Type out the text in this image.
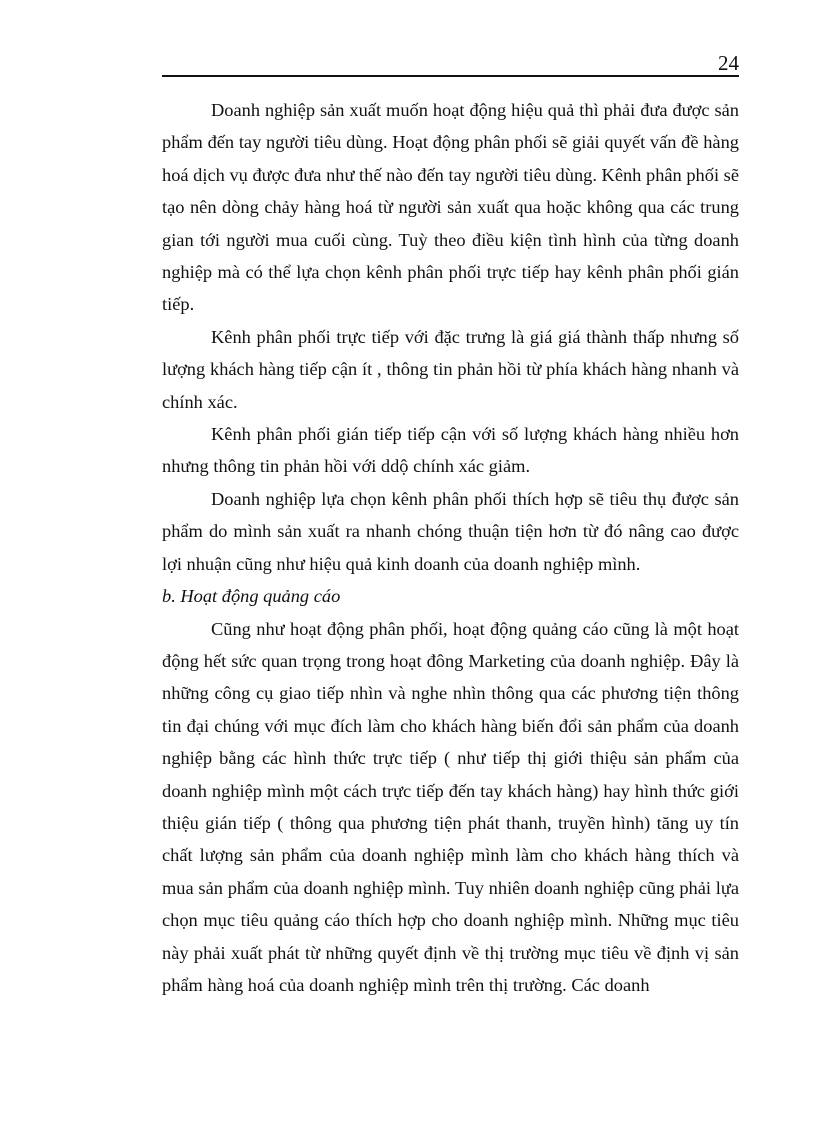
24

Doanh nghiệp sản xuất muốn hoạt động hiệu quả thì phải đưa được sản phẩm đến tay người tiêu dùng. Hoạt động phân phối sẽ giải quyết vấn đề hàng hoá dịch vụ được đưa như thế nào đến tay người tiêu dùng. Kênh phân phối sẽ tạo nên dòng chảy hàng hoá từ người sản xuất qua hoặc không qua các trung gian tới người mua cuối cùng. Tuỳ theo điều kiện tình hình của từng doanh nghiệp mà có thể lựa chọn kênh phân phối trực tiếp hay kênh phân phối gián tiếp.

Kênh phân phối trực tiếp với đặc trưng là giá giá thành thấp nhưng số lượng khách hàng tiếp cận ít , thông tin phản hồi từ phía khách hàng nhanh và chính xác.

Kênh phân phối gián tiếp tiếp cận với số lượng khách hàng nhiều hơn nhưng thông tin phản hồi với ddộ chính xác giảm.

Doanh nghiệp lựa chọn kênh phân phối thích hợp sẽ tiêu thụ được sản phẩm do mình sản xuất ra nhanh chóng thuận tiện hơn từ đó nâng cao được lợi nhuận cũng như hiệu quả kinh doanh của doanh nghiệp mình.

b. Hoạt động quảng cáo

Cũng như hoạt động phân phối, hoạt động quảng cáo cũng là một hoạt động hết sức quan trọng trong hoạt đông Marketing của doanh nghiệp. Đây là những công cụ giao tiếp nhìn và nghe nhìn thông qua các phương tiện thông tin đại chúng với mục đích làm cho khách hàng biến đổi sản phẩm của doanh nghiệp bằng các hình thức trực tiếp ( như tiếp thị giới thiệu sản phẩm của doanh nghiệp mình một cách trực tiếp đến tay khách hàng) hay hình thức giới thiệu gián tiếp ( thông qua phương tiện phát thanh, truyền hình) tăng uy tín chất lượng sản phẩm của doanh nghiệp mình làm cho khách hàng thích và mua sản phẩm của doanh nghiệp mình. Tuy nhiên doanh nghiệp cũng phải lựa chọn mục tiêu quảng cáo thích hợp cho doanh nghiệp mình. Những mục tiêu này phải xuất phát từ những quyết định về thị trường mục tiêu về định vị sản phẩm hàng hoá của doanh nghiệp mình trên thị trường. Các doanh
